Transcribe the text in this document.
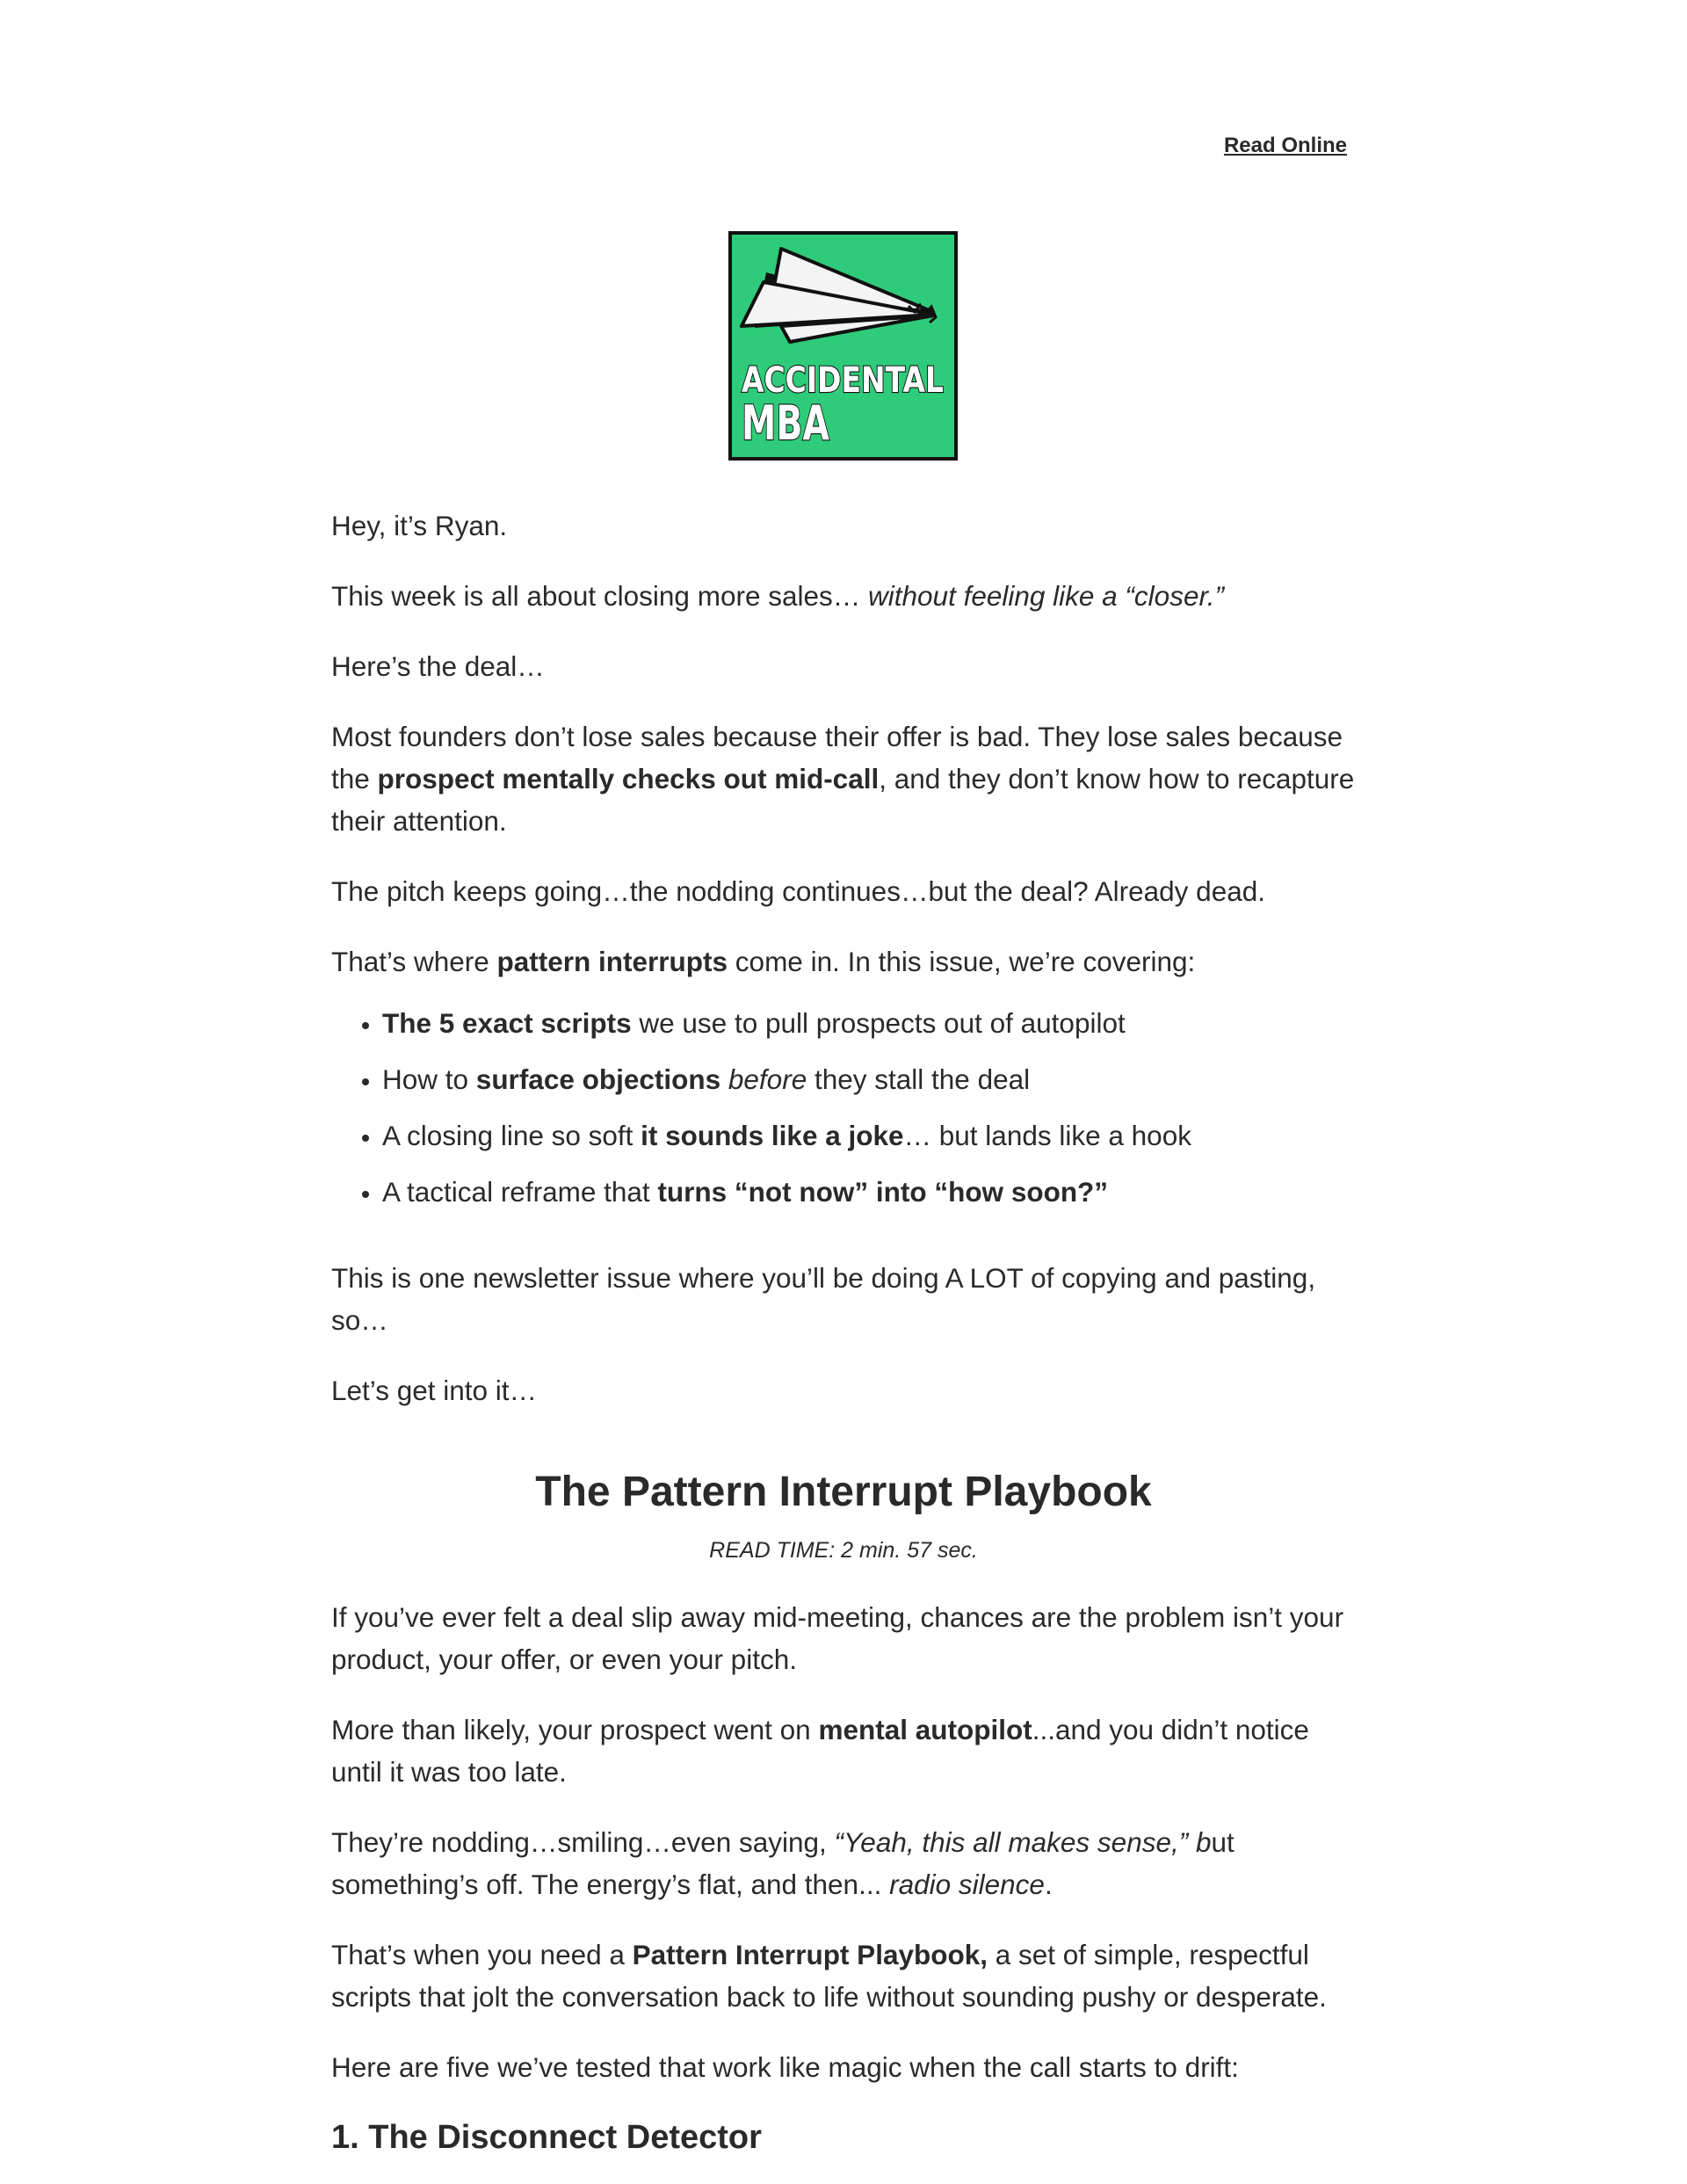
Read Online
ACCIDENTAL
MBA

Hey, it’s Ryan.

This week is all about closing more sales… without feeling like a “closer.”

Here’s the deal…

Most founders don’t lose sales because their offer is bad. They lose sales because the prospect mentally checks out mid-call, and they don’t know how to recapture their attention.

The pitch keeps going…the nodding continues…but the deal? Already dead.

That’s where pattern interrupts come in. In this issue, we’re covering:

• The 5 exact scripts we use to pull prospects out of autopilot
• How to surface objections before they stall the deal
• A closing line so soft it sounds like a joke… but lands like a hook
• A tactical reframe that turns “not now” into “how soon?”

This is one newsletter issue where you’ll be doing A LOT of copying and pasting, so…

Let’s get into it…

The Pattern Interrupt Playbook
READ TIME: 2 min. 57 sec.

If you’ve ever felt a deal slip away mid-meeting, chances are the problem isn’t your product, your offer, or even your pitch.

More than likely, your prospect went on mental autopilot...and you didn’t notice until it was too late.

They’re nodding…smiling…even saying, “Yeah, this all makes sense,” but something’s off. The energy’s flat, and then... radio silence.

That’s when you need a Pattern Interrupt Playbook, a set of simple, respectful scripts that jolt the conversation back to life without sounding pushy or desperate.

Here are five we’ve tested that work like magic when the call starts to drift:

1. The Disconnect Detector
